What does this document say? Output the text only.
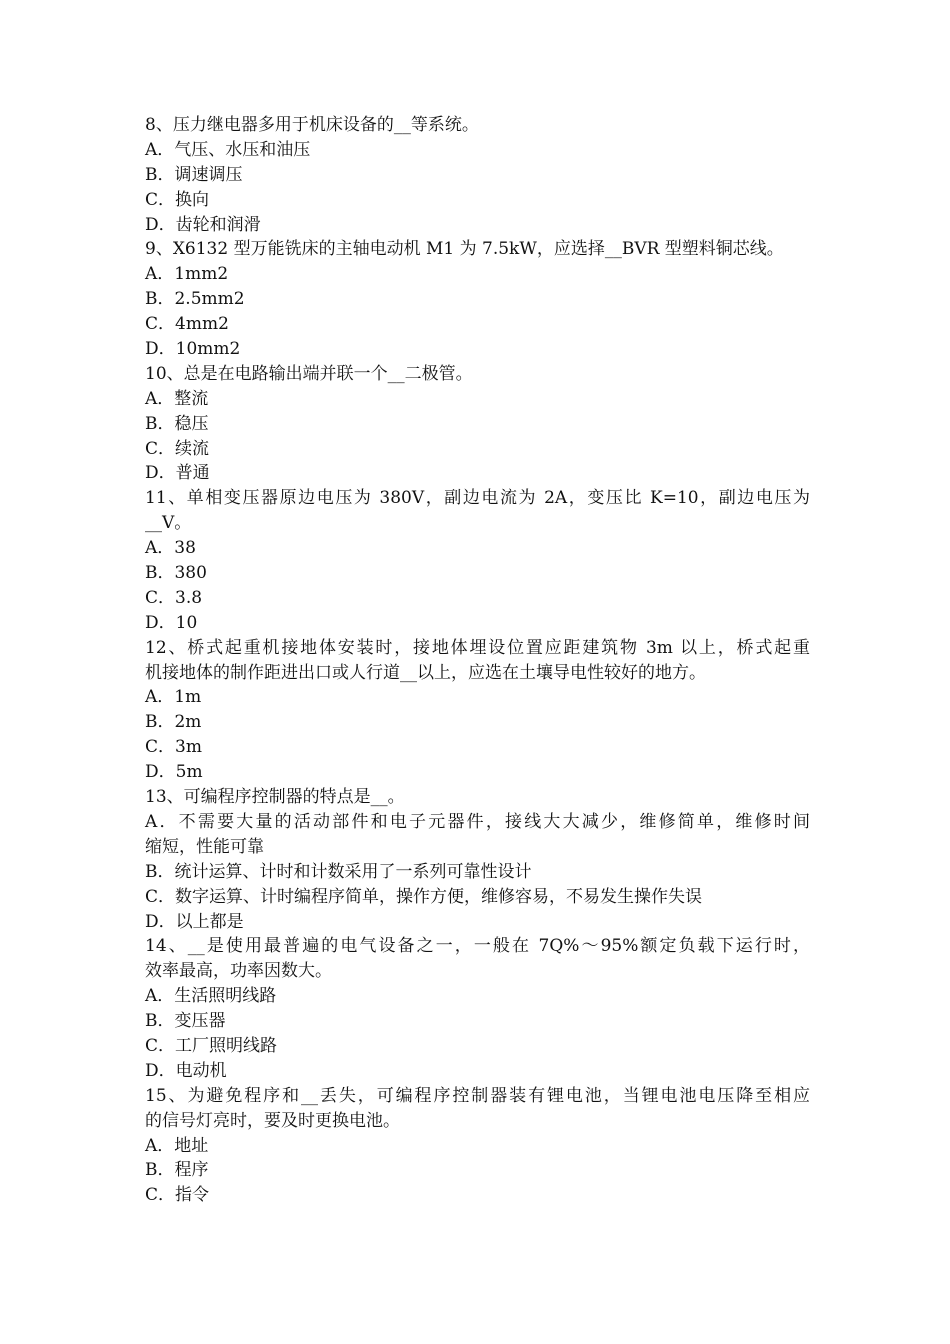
8、压力继电器多用于机床设备的__等系统。
A．气压、水压和油压
B．调速调压
C．换向
D．齿轮和润滑
9、X6132 型万能铣床的主轴电动机 M1 为 7.5kW，应选择__BVR 型塑料铜芯线。
A．1mm2
B．2.5mm2
C．4mm2
D．10mm2
10、总是在电路输出端并联一个__二极管。
A．整流
B．稳压
C．续流
D．普通
11、单相变压器原边电压为 380V，副边电流为 2A，变压比 K=10，副边电压为
__V。
A．38
B．380
C．3.8
D．10
12、桥式起重机接地体安装时，接地体埋设位置应距建筑物 3m 以上，桥式起重
机接地体的制作距进出口或人行道__以上，应选在土壤导电性较好的地方。
A．1m
B．2m
C．3m
D．5m
13、可编程序控制器的特点是__。
A．不需要大量的活动部件和电子元器件，接线大大减少，维修简单，维修时间
缩短，性能可靠
B．统计运算、计时和计数采用了一系列可靠性设计
C．数字运算、计时编程序简单，操作方便，维修容易，不易发生操作失误
D．以上都是
14、__是使用最普遍的电气设备之一，一般在 7Q%～95%额定负载下运行时，
效率最高，功率因数大。
A．生活照明线路
B．变压器
C．工厂照明线路
D．电动机
15、为避免程序和__丢失，可编程序控制器装有锂电池，当锂电池电压降至相应
的信号灯亮时，要及时更换电池。
A．地址
B．程序
C．指令
